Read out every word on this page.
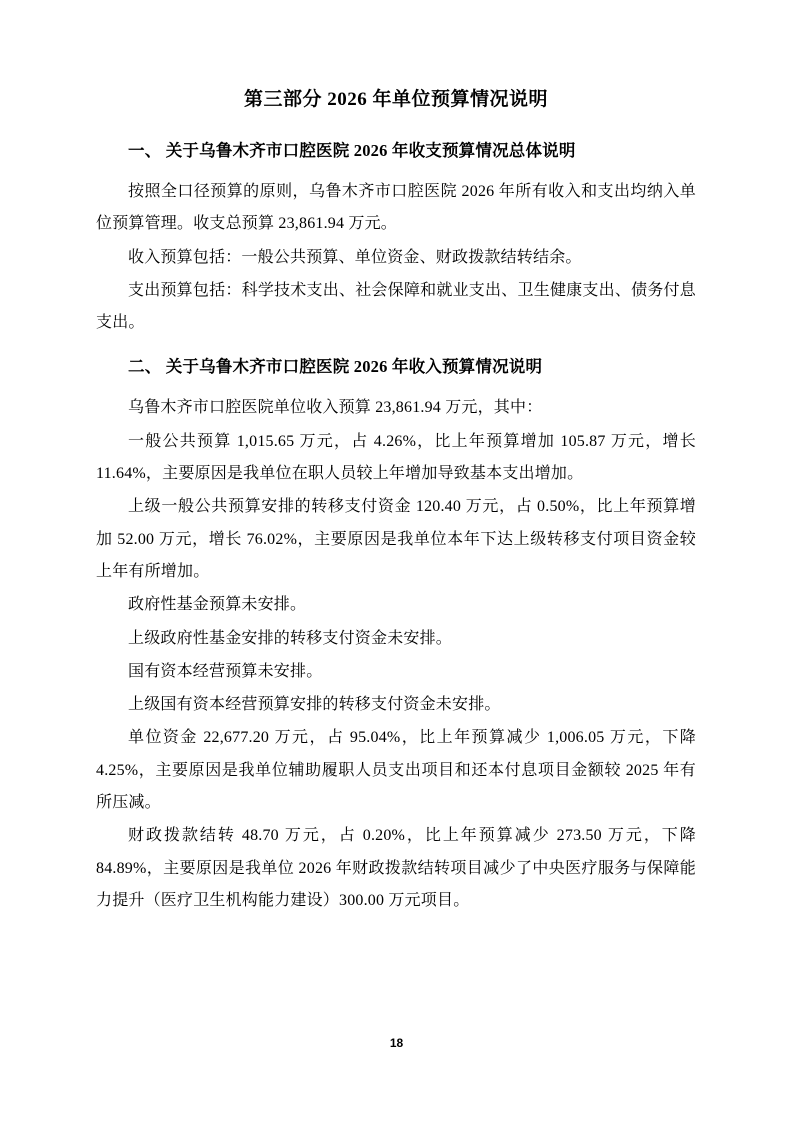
第三部分 2026 年单位预算情况说明
一、 关于乌鲁木齐市口腔医院 2026 年收支预算情况总体说明

按照全口径预算的原则，乌鲁木齐市口腔医院 2026 年所有收入和支出均纳入单位预算管理。收支总预算 23,861.94 万元。

收入预算包括：一般公共预算、单位资金、财政拨款结转结余。

支出预算包括：科学技术支出、社会保障和就业支出、卫生健康支出、债务付息支出。

二、 关于乌鲁木齐市口腔医院 2026 年收入预算情况说明

乌鲁木齐市口腔医院单位收入预算 23,861.94 万元，其中：

一般公共预算 1,015.65 万元，占 4.26%，比上年预算增加 105.87 万元，增长 11.64%，主要原因是我单位在职人员较上年增加导致基本支出增加。

上级一般公共预算安排的转移支付资金 120.40 万元，占 0.50%，比上年预算增加 52.00 万元，增长 76.02%，主要原因是我单位本年下达上级转移支付项目资金较上年有所增加。

政府性基金预算未安排。

上级政府性基金安排的转移支付资金未安排。

国有资本经营预算未安排。

上级国有资本经营预算安排的转移支付资金未安排。

单位资金 22,677.20 万元，占 95.04%，比上年预算减少 1,006.05 万元，下降 4.25%，主要原因是我单位辅助履职人员支出项目和还本付息项目金额较 2025 年有所压减。

财政拨款结转 48.70 万元，占 0.20%，比上年预算减少 273.50 万元，下降 84.89%，主要原因是我单位 2026 年财政拨款结转项目减少了中央医疗服务与保障能力提升（医疗卫生机构能力建设）300.00 万元项目。

18
